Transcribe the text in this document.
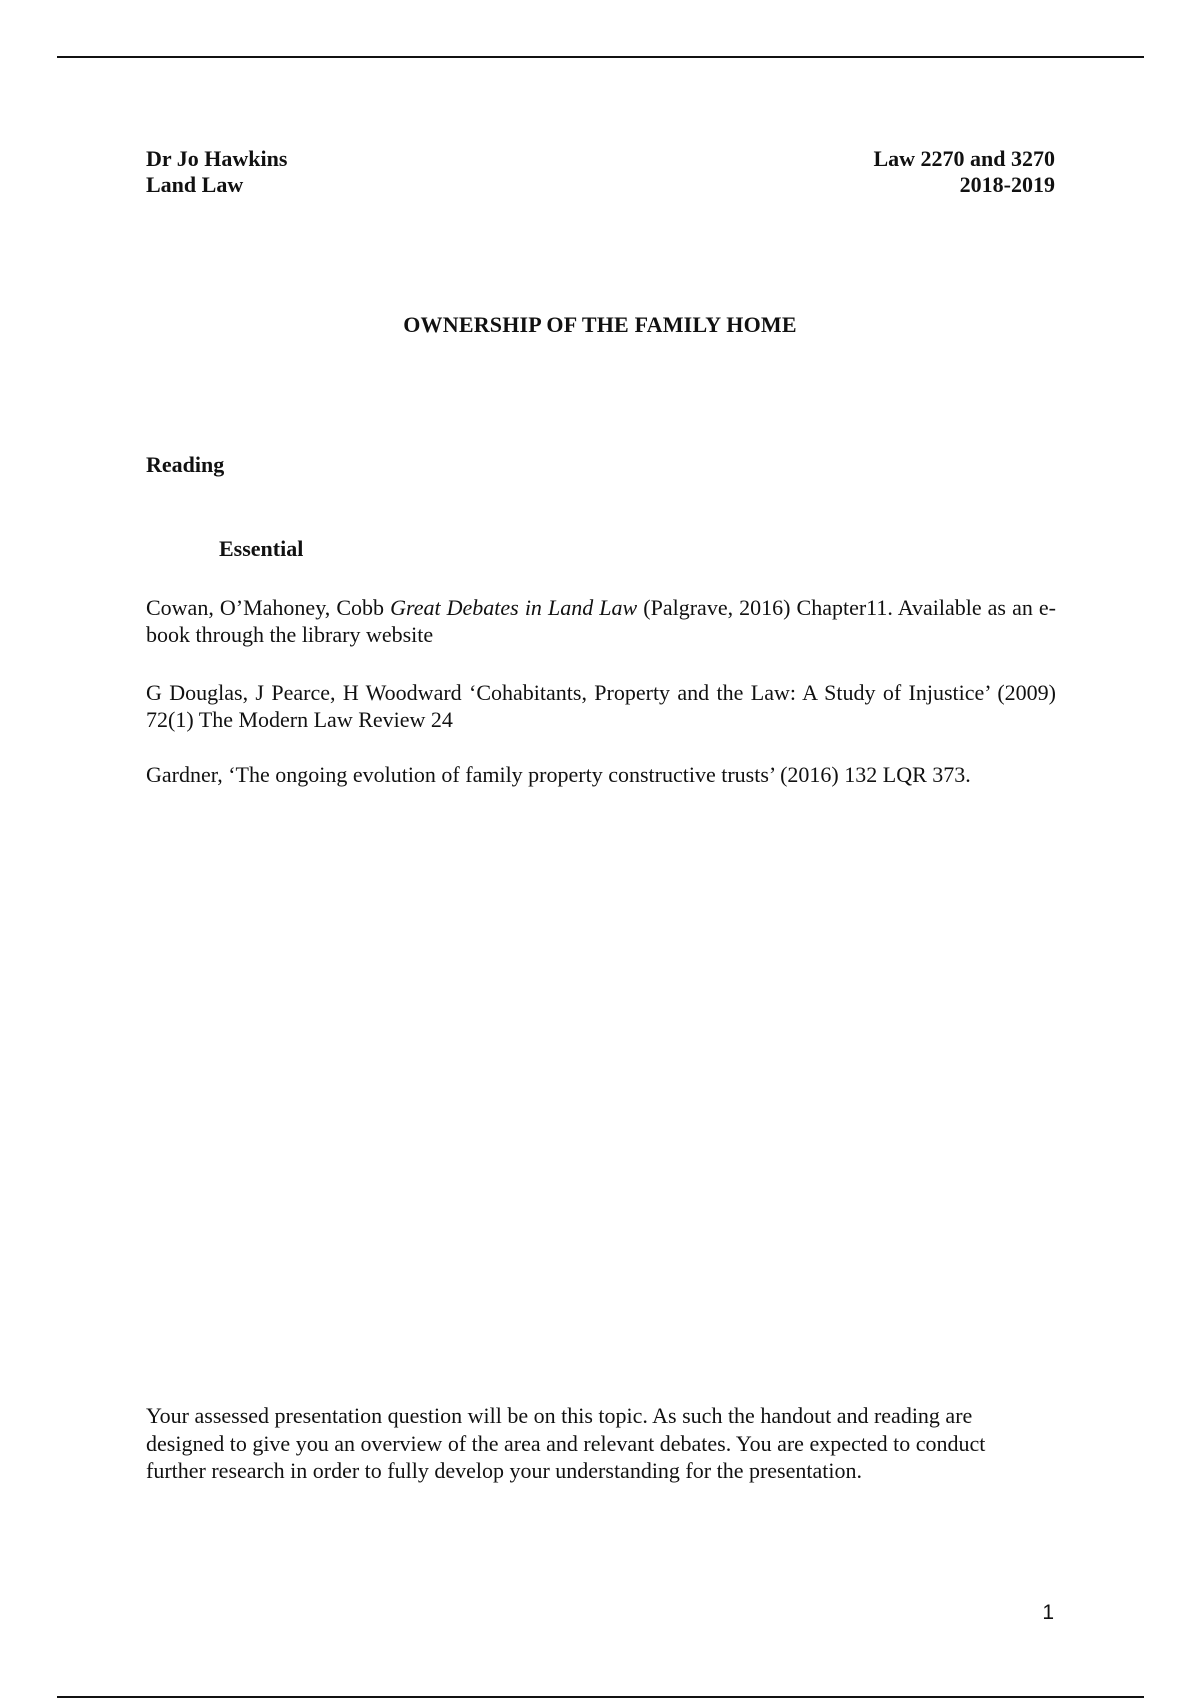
Dr Jo Hawkins
Land Law
Law 2270 and 3270
2018-2019
OWNERSHIP OF THE FAMILY HOME
Reading
Essential

Cowan, O’Mahoney, Cobb Great Debates in Land Law (Palgrave, 2016) Chapter11. Available as an e-book through the library website

G Douglas, J Pearce, H Woodward ‘Cohabitants, Property and the Law: A Study of Injustice’ (2009) 72(1) The Modern Law Review 24

Gardner, ‘The ongoing evolution of family property constructive trusts’ (2016) 132 LQR 373.

Your assessed presentation question will be on this topic. As such the handout and reading are designed to give you an overview of the area and relevant debates. You are expected to conduct further research in order to fully develop your understanding for the presentation.
1
